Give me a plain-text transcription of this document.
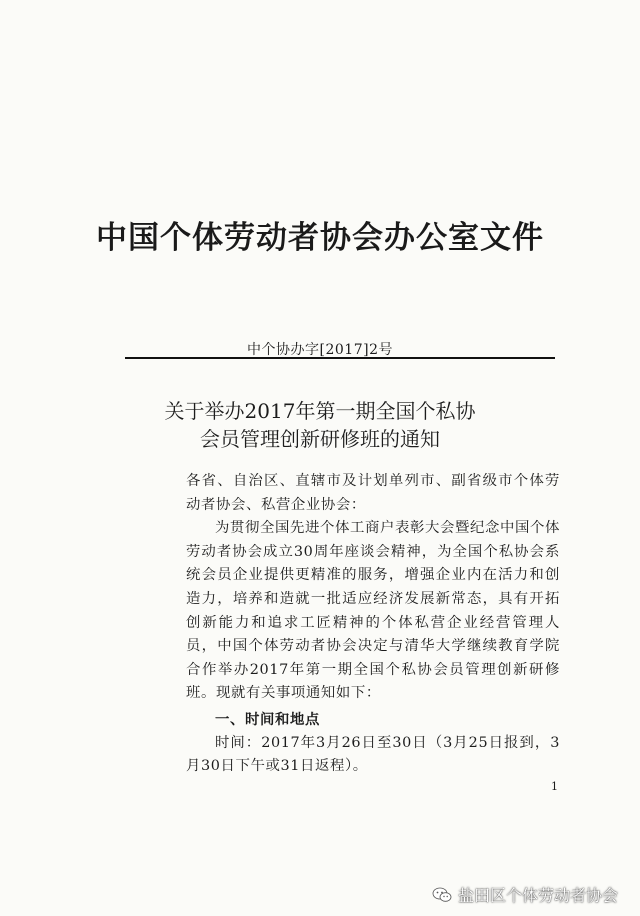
中国个体劳动者协会办公室文件
中个协办字[2017]2号
关于举办2017年第一期全国个私协
会员管理创新研修班的通知

各省、自治区、直辖市及计划单列市、副省级市个体劳动者协会、私营企业协会：

为贯彻全国先进个体工商户表彰大会暨纪念中国个体劳动者协会成立30周年座谈会精神，为全国个私协会系统会员企业提供更精准的服务，增强企业内在活力和创造力，培养和造就一批适应经济发展新常态，具有开拓创新能力和追求工匠精神的个体私营企业经营管理人员，中国个体劳动者协会决定与清华大学继续教育学院合作举办2017年第一期全国个私协会员管理创新研修班。现就有关事项通知如下：

一、时间和地点

时间：2017年3月26日至30日（3月25日报到，3月30日下午或31日返程）。

1
盐田区个体劳动者协会
